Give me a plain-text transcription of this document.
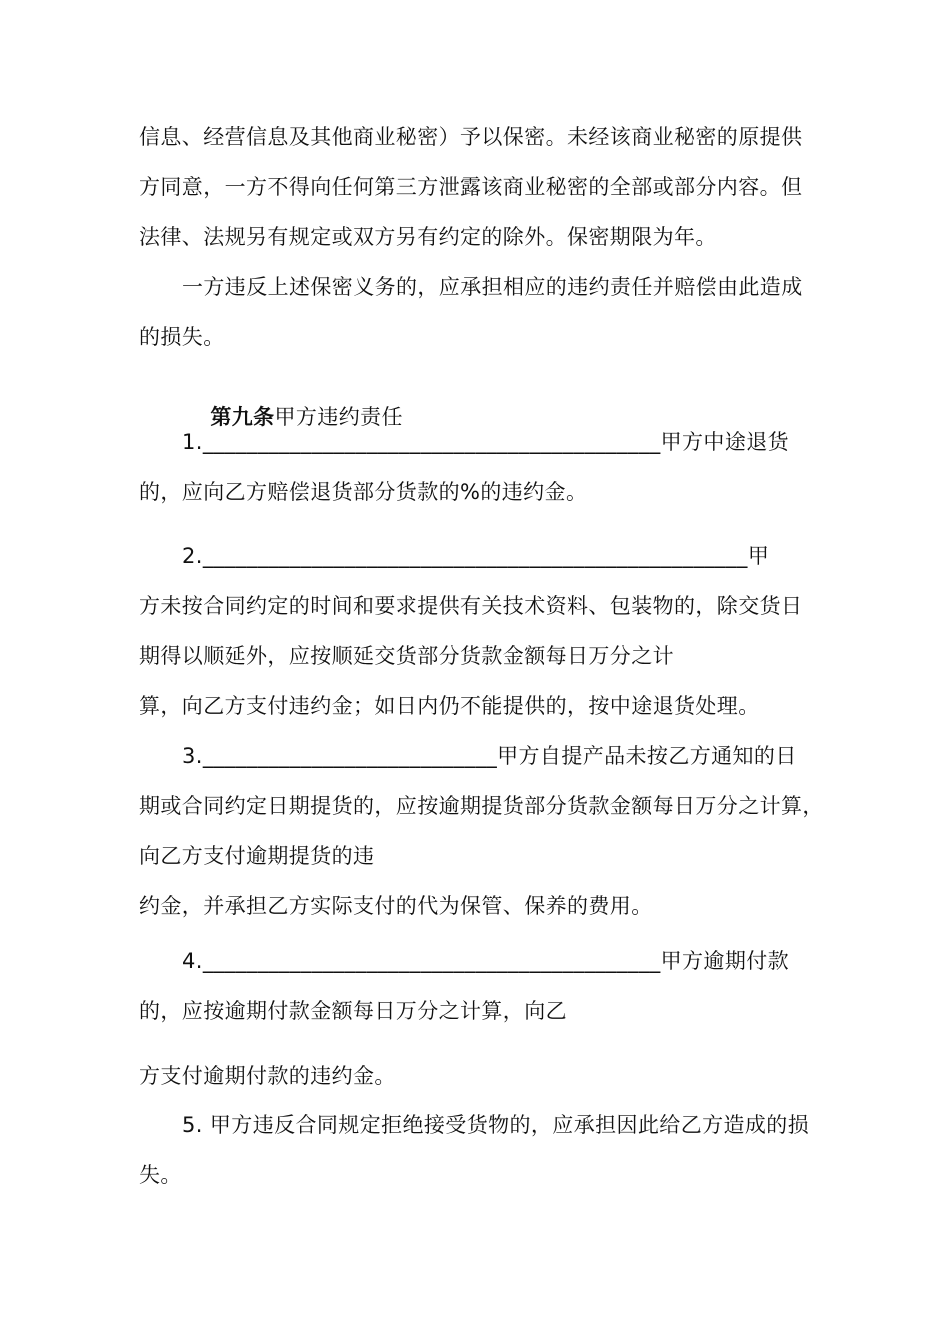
信息、经营信息及其他商业秘密）予以保密。未经该商业秘密的原提供
方同意，一方不得向任何第三方泄露该商业秘密的全部或部分内容。但
法律、法规另有规定或双方另有约定的除外。保密期限为年。
一方违反上述保密义务的，应承担相应的违约责任并赔偿由此造成
的损失。

第九条甲方违约责任

1.__________________________________________甲方中途退货
的，应向乙方赔偿退货部分货款的%的违约金。
2.__________________________________________________甲
方未按合同约定的时间和要求提供有关技术资料、包装物的，除交货日
期得以顺延外，应按顺延交货部分货款金额每日万分之计
算，向乙方支付违约金；如日内仍不能提供的，按中途退货处理。
3.___________________________甲方自提产品未按乙方通知的日
期或合同约定日期提货的，应按逾期提货部分货款金额每日万分之计算，
向乙方支付逾期提货的违
约金，并承担乙方实际支付的代为保管、保养的费用。
4.__________________________________________甲方逾期付款
的，应按逾期付款金额每日万分之计算，向乙
方支付逾期付款的违约金。
5. 甲方违反合同规定拒绝接受货物的，应承担因此给乙方造成的损
失。
